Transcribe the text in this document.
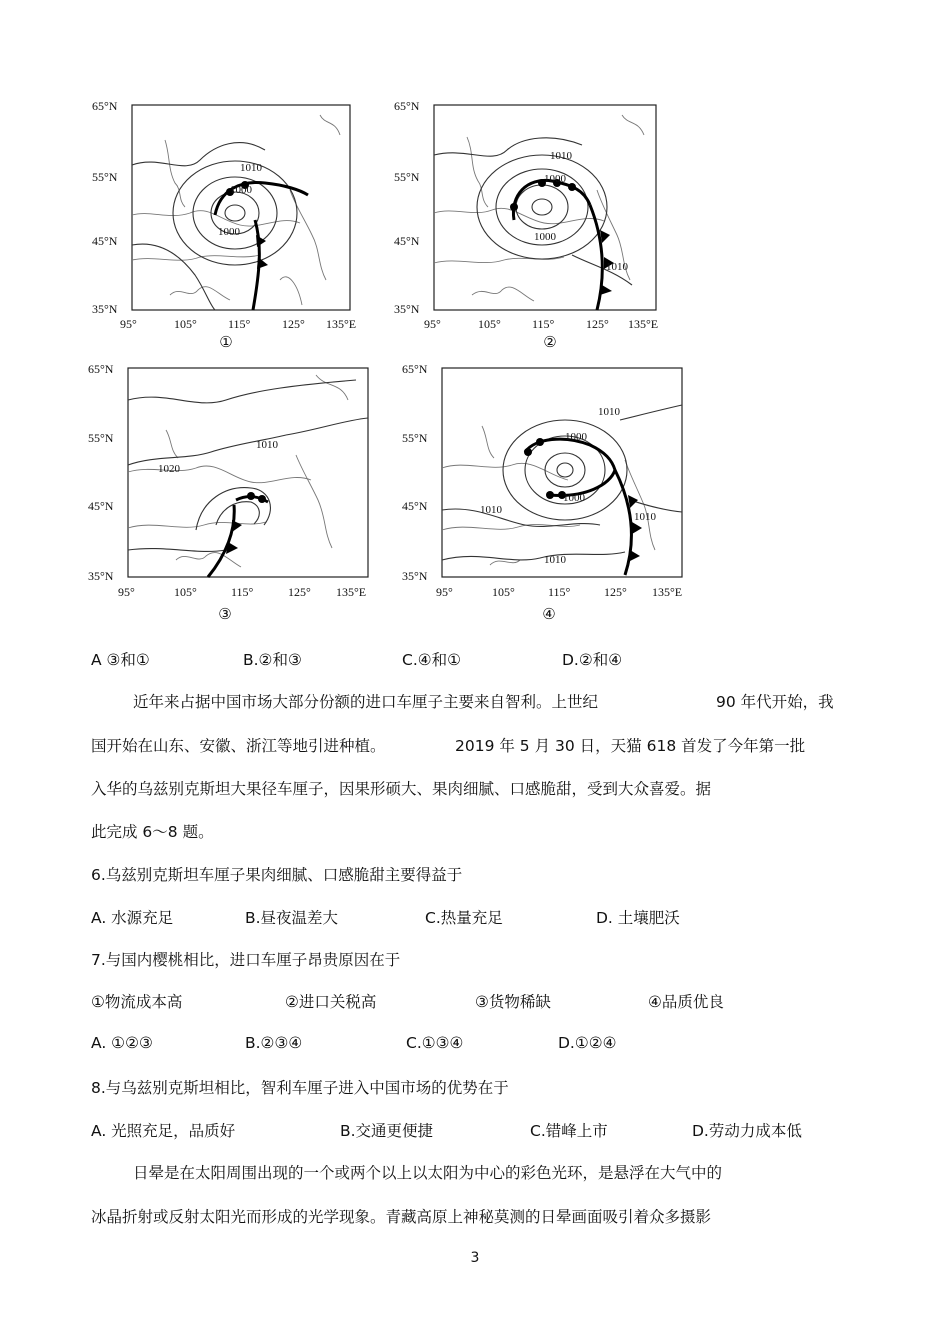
65°N
55°N
45°N
35°N
1010
1000
1000
95°	105°	115°	125° 135°E
①
65°N
55°N
45°N
35°N
1010
1000
1000
1010
95°	105°	115°	125° 135°E
②
65°N
55°N
45°N
35°N
1010
1020
95°	105°	115°	125° 135°E
③
65°N
55°N
45°N
35°N
1010
1000
1000
1010
1010
1010
95°	105°	115°	125° 135°E
④
A ③和①	B.②和③	C.④和①	D.②和④
近年来占据中国市场大部分份额的进口车厘子主要来自智利。上世纪	90 年代开始，我
国开始在山东、安徽、浙江等地引进种植。	2019 年 5 月 30 日，天猫 618 首发了今年第一批
入华的乌兹别克斯坦大果径车厘子，因果形硕大、果肉细腻、口感脆甜，受到大众喜爱。据
此完成 6～8 题。
6.乌兹别克斯坦车厘子果肉细腻、口感脆甜主要得益于
A. 水源充足	B.昼夜温差大	C.热量充足	D. 土壤肥沃
7.与国内樱桃相比，进口车厘子昂贵原因在于
①物流成本高	②进口关税高	③货物稀缺	④品质优良
A. ①②③	B.②③④	C.①③④	D.①②④
8.与乌兹别克斯坦相比，智利车厘子进入中国市场的优势在于
A. 光照充足，品质好	B.交通更便捷	C.错峰上市	D.劳动力成本低
日晕是在太阳周围出现的一个或两个以上以太阳为中心的彩色光环，是悬浮在大气中的
冰晶折射或反射太阳光而形成的光学现象。青藏高原上神秘莫测的日晕画面吸引着众多摄影
3
